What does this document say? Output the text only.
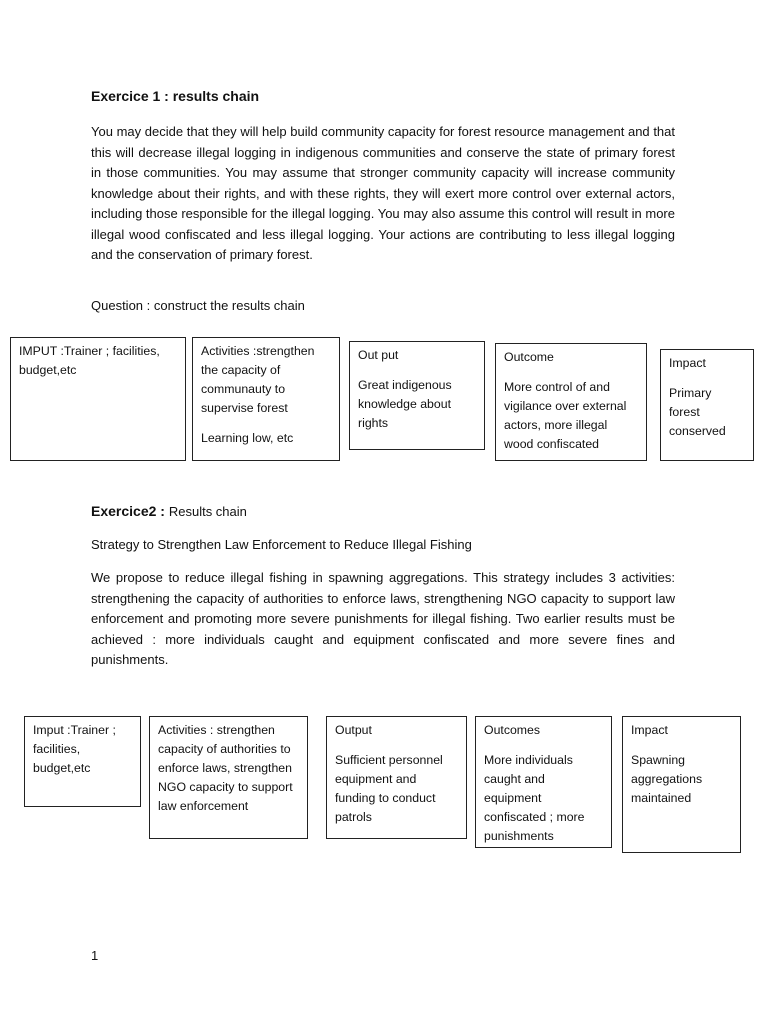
Exercice 1 : results chain

You may decide that they will help build community capacity for forest resource management and that this will decrease illegal logging in indigenous communities and conserve the state of primary forest in those communities. You may assume that stronger community capacity will increase community knowledge about their rights, and with these rights, they will exert more control over external actors, including those responsible for the illegal logging. You may also assume this control will result in more illegal wood confiscated and less illegal logging. Your actions are contributing to less illegal logging and the conservation of primary forest.

Question : construct the results chain
IMPUT :Trainer ; facilities, budget,etc
Activities :strengthen the capacity of communauty to supervise forest
Learning low, etc
Out put
Great indigenous knowledge about rights
Outcome
More control of and vigilance over external actors, more illegal wood confiscated
Impact
Primary forest conserved
Exercice2 : Results chain
Strategy to Strengthen Law Enforcement to Reduce Illegal Fishing

We propose to reduce illegal fishing in spawning aggregations. This strategy includes 3 activities: strengthening the capacity of authorities to enforce laws, strengthening NGO capacity to support law enforcement and promoting more severe punishments for illegal fishing. Two earlier results must be achieved : more individuals caught and equipment confiscated and more severe fines and punishments.

Imput :Trainer ; facilities, budget,etc
Activities : strengthen capacity of authorities to enforce laws, strengthen NGO capacity to support law enforcement
Output
Sufficient personnel equipment and funding to conduct patrols
Outcomes
More individuals caught and equipment confiscated ; more punishments
Impact
Spawning aggregations maintained
1
